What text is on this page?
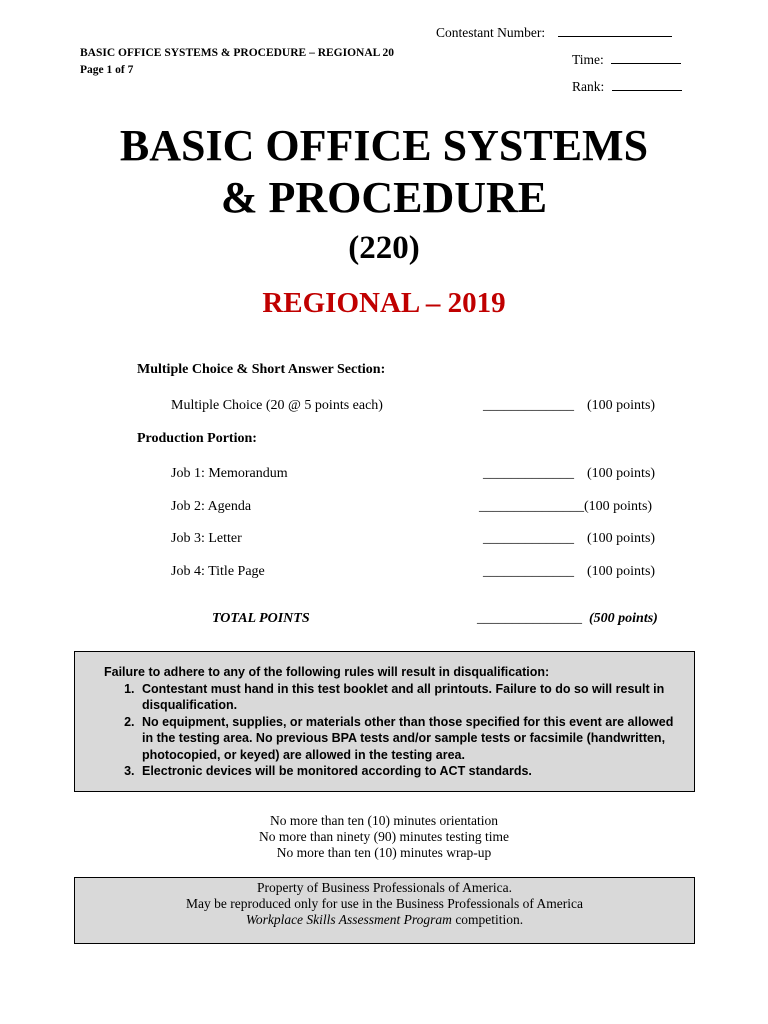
BASIC OFFICE SYSTEMS & PROCEDURE – REGIONAL 20
Page 1 of 7
Contestant Number:
Time:
Rank:
BASIC OFFICE SYSTEMS
& PROCEDURE
(220)
REGIONAL – 2019
Multiple Choice & Short Answer Section:
Multiple Choice (20 @ 5 points each)	_____________ (100 points)
Production Portion:
Job 1: Memorandum	_____________ (100 points)
Job 2: Agenda	_______________ (100 points)
Job 3: Letter	_____________ (100 points)
Job 4: Title Page	_____________ (100 points)
TOTAL POINTS	_______________ (500 points)
Failure to adhere to any of the following rules will result in disqualification:
1. Contestant must hand in this test booklet and all printouts. Failure to do so will result in disqualification.
2. No equipment, supplies, or materials other than those specified for this event are allowed in the testing area. No previous BPA tests and/or sample tests or facsimile (handwritten, photocopied, or keyed) are allowed in the testing area.
3. Electronic devices will be monitored according to ACT standards.
No more than ten (10) minutes orientation
No more than ninety (90) minutes testing time
No more than ten (10) minutes wrap-up
Property of Business Professionals of America.
May be reproduced only for use in the Business Professionals of America
Workplace Skills Assessment Program competition.
